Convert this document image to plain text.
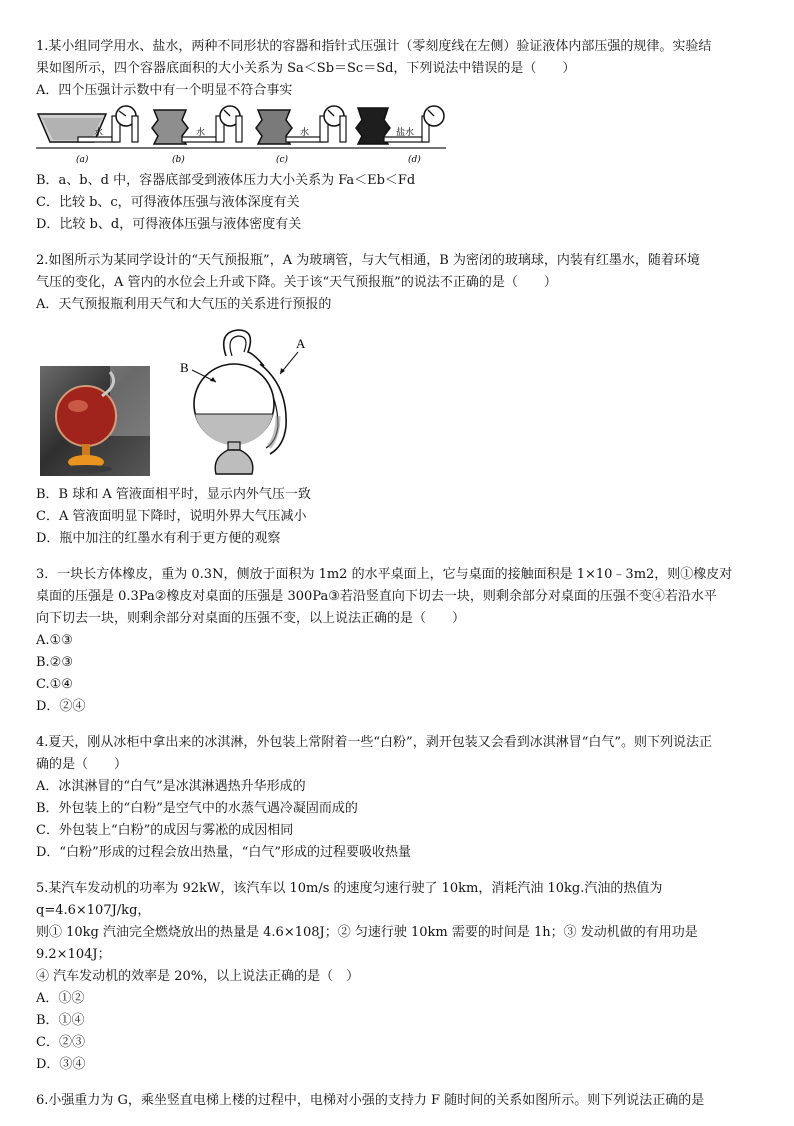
1.某小组同学用水、盐水，两种不同形状的容器和指针式压强计（零刻度线在左侧）验证液体内部压强的规律。实验结

果如图所示，四个容器底面积的大小关系为 Sa＜Sb＝Sc＝Sd，下列说法中错误的是（　　）

A．四个压强计示数中有一个明显不符合事实

水
(a)
水
(b)
水
(c)
盐水
(d)

B．a、b、d 中，容器底部受到液体压力大小关系为 Fa＜Eb＜Fd

C．比较 b、c，可得液体压强与液体深度有关

D．比较 b、d，可得液体压强与液体密度有关

2.如图所示为某同学设计的“天气预报瓶”，A 为玻璃管，与大气相通，B 为密闭的玻璃球，内装有红墨水，随着环境

气压的变化，A 管内的水位会上升或下降。关于该“天气预报瓶”的说法不正确的是（　　）

A．天气预报瓶利用天气和大气压的关系进行预报的

B
A

B．B 球和 A 管液面相平时，显示内外气压一致

C．A 管液面明显下降时，说明外界大气压减小

D．瓶中加注的红墨水有利于更方便的观察

3．一块长方体橡皮，重为 0.3N，侧放于面积为 1m2 的水平桌面上，它与桌面的接触面积是 1×10﹣3m2，则①橡皮对

桌面的压强是 0.3Pa②橡皮对桌面的压强是 300Pa③若沿竖直向下切去一块，则剩余部分对桌面的压强不变④若沿水平

向下切去一块，则剩余部分对桌面的压强不变，以上说法正确的是（　　）

A.①③

B.②③

C.①④

D．②④

4.夏天，刚从冰柜中拿出来的冰淇淋，外包装上常附着一些“白粉”，剥开包装又会看到冰淇淋冒“白气”。则下列说法正

确的是（　　）

A．冰淇淋冒的“白气”是冰淇淋遇热升华形成的

B．外包装上的“白粉”是空气中的水蒸气遇冷凝固而成的

C．外包装上“白粉”的成因与雾凇的成因相同

D．“白粉”形成的过程会放出热量，“白气”形成的过程要吸收热量

5.某汽车发动机的功率为 92kW，该汽车以 10m/s 的速度匀速行驶了 10km，消耗汽油 10kg.汽油的热值为 q=4.6×107J/kg，

则① 10kg 汽油完全燃烧放出的热量是 4.6×108J；② 匀速行驶 10km 需要的时间是 1h；③ 发动机做的有用功是 9.2×104J；

④ 汽车发动机的效率是 20%，以上说法正确的是（　）

A．①②

B．①④

C．②③

D．③④

6.小强重力为 G，乘坐竖直电梯上楼的过程中，电梯对小强的支持力 F 随时间的关系如图所示。则下列说法正确的是
